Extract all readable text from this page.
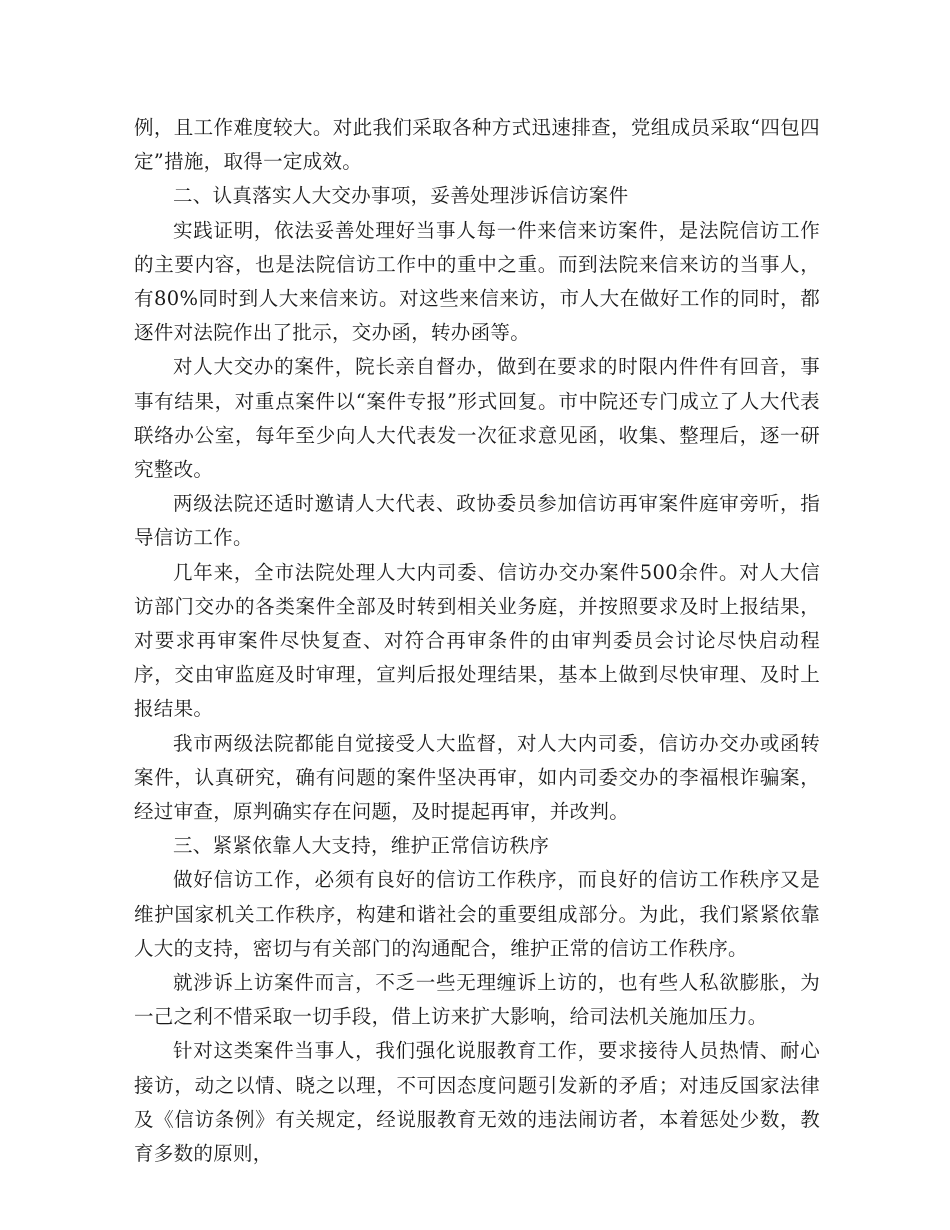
例，且工作难度较大。对此我们采取各种方式迅速排查，党组成员采取“四包四定”措施，取得一定成效。

二、认真落实人大交办事项，妥善处理涉诉信访案件

实践证明，依法妥善处理好当事人每一件来信来访案件，是法院信访工作的主要内容，也是法院信访工作中的重中之重。而到法院来信来访的当事人，有80%同时到人大来信来访。对这些来信来访，市人大在做好工作的同时，都逐件对法院作出了批示，交办函，转办函等。

对人大交办的案件，院长亲自督办，做到在要求的时限内件件有回音，事事有结果，对重点案件以“案件专报”形式回复。市中院还专门成立了人大代表联络办公室，每年至少向人大代表发一次征求意见函，收集、整理后，逐一研究整改。

两级法院还适时邀请人大代表、政协委员参加信访再审案件庭审旁听，指导信访工作。

几年来，全市法院处理人大内司委、信访办交办案件500余件。对人大信访部门交办的各类案件全部及时转到相关业务庭，并按照要求及时上报结果，对要求再审案件尽快复查、对符合再审条件的由审判委员会讨论尽快启动程序，交由审监庭及时审理，宣判后报处理结果，基本上做到尽快审理、及时上报结果。

我市两级法院都能自觉接受人大监督，对人大内司委，信访办交办或函转案件，认真研究，确有问题的案件坚决再审，如内司委交办的李福根诈骗案，经过审查，原判确实存在问题，及时提起再审，并改判。

三、紧紧依靠人大支持，维护正常信访秩序

做好信访工作，必须有良好的信访工作秩序，而良好的信访工作秩序又是维护国家机关工作秩序，构建和谐社会的重要组成部分。为此，我们紧紧依靠人大的支持，密切与有关部门的沟通配合，维护正常的信访工作秩序。

就涉诉上访案件而言，不乏一些无理缠诉上访的，也有些人私欲膨胀，为一己之利不惜采取一切手段，借上访来扩大影响，给司法机关施加压力。

针对这类案件当事人，我们强化说服教育工作，要求接待人员热情、耐心接访，动之以情、晓之以理，不可因态度问题引发新的矛盾；对违反国家法律及《信访条例》有关规定，经说服教育无效的违法闹访者，本着惩处少数，教育多数的原则，
